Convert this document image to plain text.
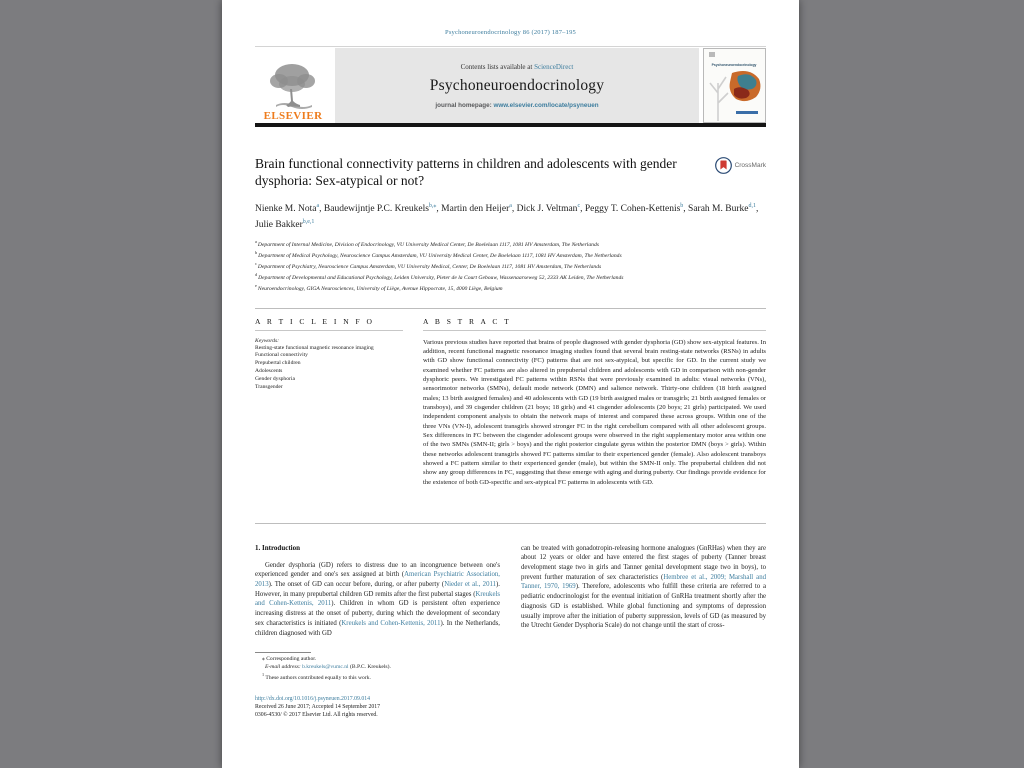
Psychoneuroendocrinology 86 (2017) 187–195
ELSEVIER
Contents lists available at ScienceDirect
Psychoneuroendocrinology
journal homepage: www.elsevier.com/locate/psyneuen
Psychoneuroendocrinology
Brain functional connectivity patterns in children and adolescents with gender dysphoria: Sex-atypical or not?
CrossMark
Nienke M. Nota$^a$, Baudewijntje P.C. Kreukels$^{b,⁎}$, Martin den Heijer$^a$, Dick J. Veltman$^c$, Peggy T. Cohen-Kettenis$^b$, Sarah M. Burke$^{d,1}$, Julie Bakker$^{b,e,1}$
$^a$ Department of Internal Medicine, Division of Endocrinology, VU University Medical Center, De Boelelaan 1117, 1081 HV Amsterdam, The Netherlands
$^b$ Department of Medical Psychology, Neuroscience Campus Amsterdam, VU University Medical Center, De Boelelaan 1117, 1081 HV Amsterdam, The Netherlands
$^c$ Department of Psychiatry, Neuroscience Campus Amsterdam, VU University Medical, Center, De Boelelaan 1117, 1081 HV Amsterdam, The Netherlands
$^d$ Department of Developmental and Educational Psychology, Leiden University, Pieter de la Court Gebouw, Wassenaarseweg 52, 2333 AK Leiden, The Netherlands
$^e$ Neuroendocrinology, GIGA Neurosciences, University of Liège, Avenue Hippocrate, 15, 4000 Liège, Belgium
A R T I C L E I N F O
Keywords:
Resting-state functional magnetic resonance imaging
Functional connectivity
Prepubertal children
Adolescents
Gender dysphoria
Transgender
A B S T R A C T

Various previous studies have reported that brains of people diagnosed with gender dysphoria (GD) show sex-atypical features. In addition, recent functional magnetic resonance imaging studies found that several brain resting-state networks (RSNs) in adults with GD show functional connectivity (FC) patterns that are not sex-atypical, but specific for GD. In the current study we examined whether FC patterns are also altered in prepubertal children and adolescents with GD in comparison with non-gender dysphoric peers. We investigated FC patterns within RSNs that were previously examined in adults: visual networks (VNs), sensorimotor networks (SMNs), default mode network (DMN) and salience network. Thirty-one children (18 birth assigned males; 13 birth assigned females) and 40 adolescents with GD (19 birth assigned males or transgirls; 21 birth assigned females or transboys), and 39 cisgender children (21 boys; 18 girls) and 41 cisgender adolescents (20 boys; 21 girls) participated. We used independent component analysis to obtain the network maps of interest and compared these across groups. Within one of the three VNs (VN-I), adolescent transgirls showed stronger FC in the right cerebellum compared with all other adolescent groups. Sex differences in FC between the cisgender adolescent groups were observed in the right supplementary motor area within one of the two SMNs (SMN-II; girls > boys) and the right posterior cingulate gyrus within the posterior DMN (boys > girls). Within these networks adolescent transgirls showed FC patterns similar to their experienced gender (female). Also adolescent transboys showed a FC pattern similar to their experienced gender (male), but within the SMN-II only. The prepubertal children did not show any group differences in FC, suggesting that these emerge with aging and during puberty. Our findings provide evidence for the existence of both GD-specific and sex-atypical FC patterns in adolescents with GD.

1. Introduction

Gender dysphoria (GD) refers to distress due to an incongruence between one's experienced gender and one's sex assigned at birth (American Psychiatric Association, 2013). The onset of GD can occur before, during, or after puberty (Nieder et al., 2011). However, in many prepubertal children GD remits after the first pubertal stages (Kreukels and Cohen-Kettenis, 2011). Children in whom GD is persistent often experience increasing distress at the onset of puberty, during which the development of secondary sex characteristics is initiated (Kreukels and Cohen-Kettenis, 2011). In the Netherlands, children diagnosed with GD

can be treated with gonadotropin-releasing hormone analogues (GnRHas) when they are about 12 years or older and have entered the first stages of puberty (Tanner breast development stage two in girls and Tanner genital development stage two in boys), to prevent further maturation of sex characteristics (Hembree et al., 2009; Marshall and Tanner, 1970, 1969). Therefore, adolescents who fulfill these criteria are referred to a pediatric endocrinologist for the eventual initiation of GnRHa treatment shortly after the diagnosis GD is established. While global functioning and symptoms of depression usually improve after the initiation of puberty suppression, levels of GD (as measured by the Utrecht Gender Dysphoria Scale) do not change until the start of cross-

⁎ Corresponding author.
E-mail address: b.kreukels@vumc.nl (B.P.C. Kreukels).
$^1$ These authors contributed equally to this work.
http://dx.doi.org/10.1016/j.psyneuen.2017.09.014
Received 26 June 2017; Accepted 14 September 2017
0306-4530/ © 2017 Elsevier Ltd. All rights reserved.
